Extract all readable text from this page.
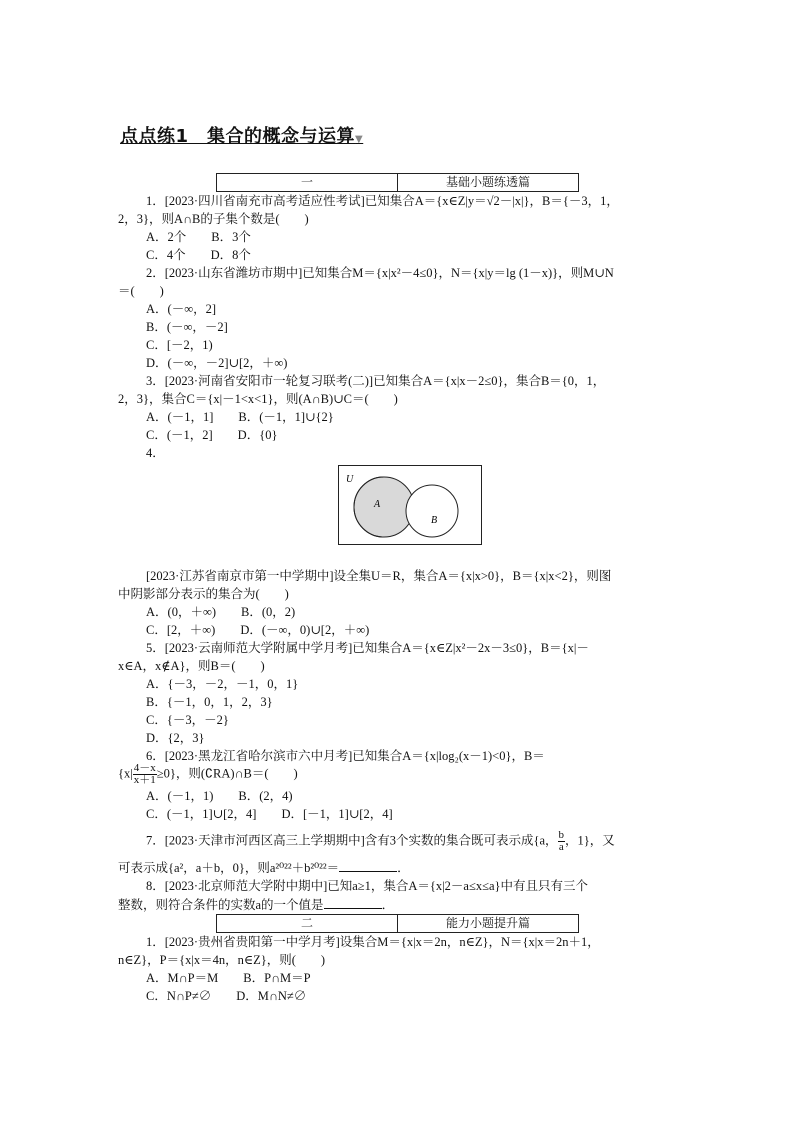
点点练1　集合的概念与运算▼
一	基础小题练透篇
1．[2023·四川省南充市高考适应性考试]已知集合A＝{x∈Z|y＝√2－|x|}，B＝{－3，1，
2，3}，则A∩B的子集个数是(　　)
A．2个　　B．3个
C．4个　　D．8个
2．[2023·山东省潍坊市期中]已知集合M＝{x|x²－4≤0}，N＝{x|y＝lg (1－x)}，则M∪N
＝(　　)
A．(－∞，2]
B．(－∞，－2]
C．[－2，1)
D．(－∞，－2]∪[2，＋∞)
3．[2023·河南省安阳市一轮复习联考(二)]已知集合A＝{x|x－2≤0}，集合B＝{0，1，
2，3}，集合C＝{x|－1<x<1}，则(A∩B)∪C＝(　　)
A．(－1，1]　　B．(－1，1]∪{2}
C．(－1，2]　　D．{0}
4．
U
A
B
[2023·江苏省南京市第一中学期中]设全集U＝R，集合A＝{x|x>0}，B＝{x|x<2}，则图
中阴影部分表示的集合为(　　)
A．(0，＋∞)　　B．(0，2)
C．[2，＋∞)　　D．(－∞，0)∪[2，＋∞)
5．[2023·云南师范大学附属中学月考]已知集合A＝{x∈Z|x²－2x－3≤0}，B＝{x|－
x∈A，x∉A}，则B＝(　　)
A．{－3，－2，－1，0，1}
B．{－1，0，1，2，3}
C．{－3，－2}
D．{2，3}
6．[2023·黑龙江省哈尔滨市六中月考]已知集合A＝{x|log₂(x－1)<0}，B＝
$\{x| \frac{4-x}{x+1} \ge 0\}$，则(∁RA)∩B＝(　　)
A．(－1，1)　　B．(2，4)
C．(－1，1]∪[2，4]　　D．[－1，1]∪[2，4]
7．[2023·天津市河西区高三上学期期中]含有3个实数的集合既可表示成{a， $\frac{b}{a}$ ，1}，又
可表示成{a²，a＋b，0}，则a²⁰²²＋b²⁰²²＝	．
8．[2023·北京师范大学附中期中]已知a≥1，集合A＝{x|2－a≤x≤a}中有且只有三个
整数，则符合条件的实数a的一个值是	．
二	能力小题提升篇
1．[2023·贵州省贵阳第一中学月考]设集合M＝{x|x＝2n，n∈Z}，N＝{x|x＝2n＋1，
n∈Z}，P＝{x|x＝4n，n∈Z}，则(　　)
A．M∩P＝M　　B．P∩M＝P
C．N∩P≠∅　　D．M∩N≠∅
